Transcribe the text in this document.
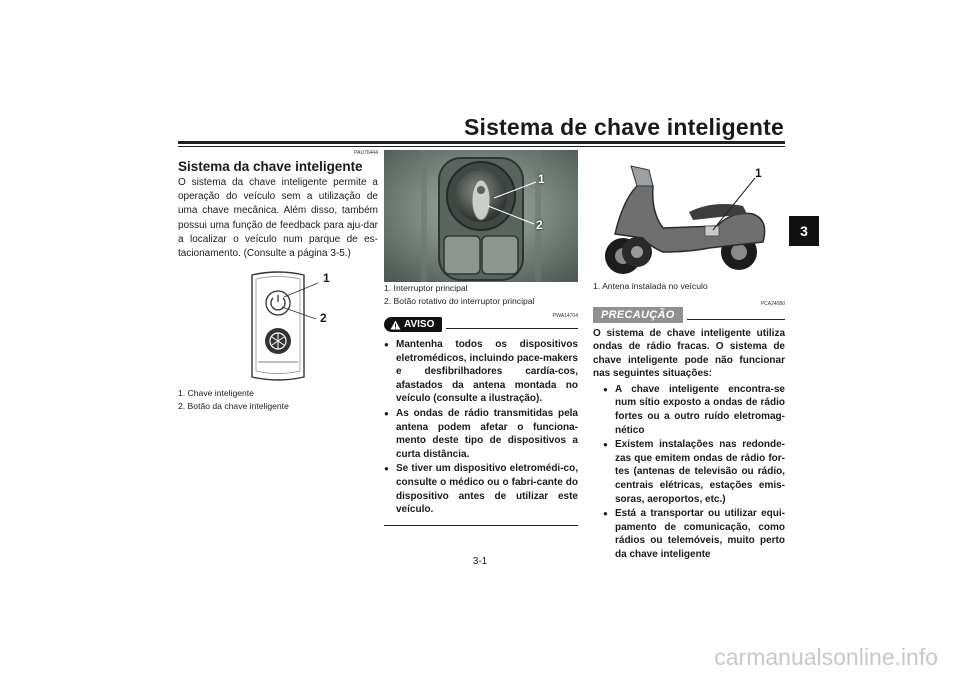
Sistema de chave inteligente
3
PAU76444
Sistema da chave inteligente
O sistema da chave inteligente permite a operação do veículo sem a utilização de uma chave mecânica. Além disso, também possui uma função de feedback para aju-dar a localizar o veículo num parque de es-tacionamento. (Consulte a página 3-5.)
1
2
1. Chave inteligente
2. Botão da chave inteligente
1
2
1. Interruptor principal
2. Botão rotativo do interruptor principal
PWA14704
AVISO
● Mantenha todos os dispositivos eletromédicos, incluindo pace-makers e desfibrilhadores cardía-cos, afastados da antena montada no veículo (consulte a ilustração).
● As ondas de rádio transmitidas pela antena podem afetar o funciona-mento deste tipo de dispositivos a curta distância.
● Se tiver um dispositivo eletromédi-co, consulte o médico ou o fabri-cante do dispositivo antes de utilizar este veículo.
1
1. Antena instalada no veículo
PCA24080
PRECAUÇÃO
O sistema de chave inteligente utiliza ondas de rádio fracas. O sistema de chave inteligente pode não funcionar nas seguintes situações:
● A chave inteligente encontra-se num sítio exposto a ondas de rádio fortes ou a outro ruído eletromag-nético
● Existem instalações nas redonde-zas que emitem ondas de rádio for-tes (antenas de televisão ou rádio, centrais elétricas, estações emis-soras, aeroportos, etc.)
● Está a transportar ou utilizar equi-pamento de comunicação, como rádios ou telemóveis, muito perto da chave inteligente
3-1
carmanualsonline.info
